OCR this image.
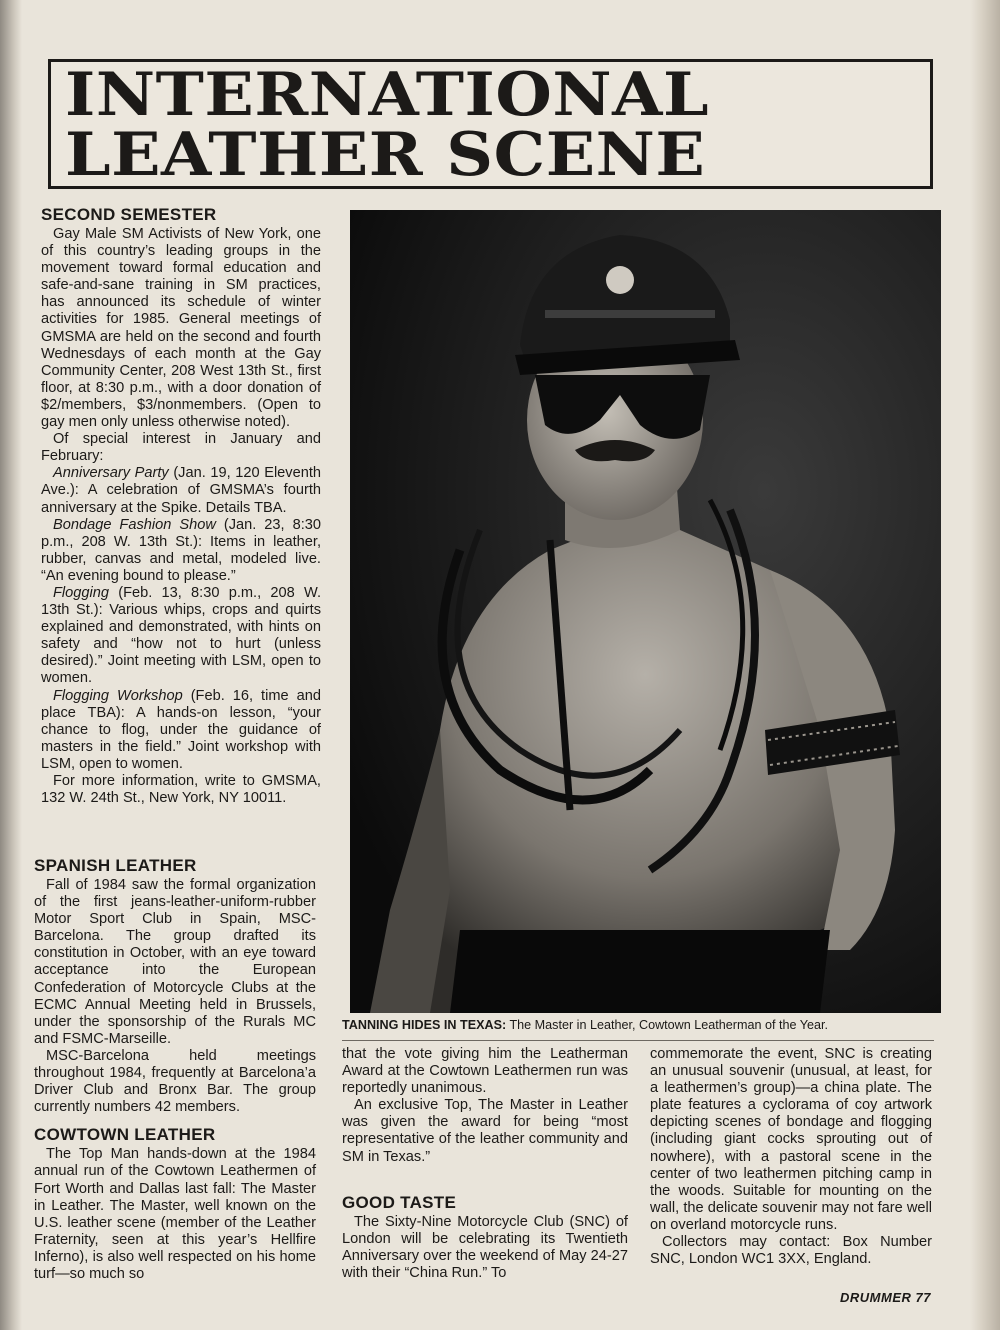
INTERNATIONAL
LEATHER SCENE
SECOND SEMESTER

Gay Male SM Activists of New York, one of this country’s leading groups in the movement toward formal education and safe-and-sane training in SM practices, has announced its schedule of winter activities for 1985. General meetings of GMSMA are held on the second and fourth Wednesdays of each month at the Gay Community Center, 208 West 13th St., first floor, at 8:30 p.m., with a door donation of $2/members, $3/nonmembers. (Open to gay men only unless otherwise noted).

Of special interest in January and February:

Anniversary Party (Jan. 19, 120 Eleventh Ave.): A celebration of GMSMA’s fourth anniversary at the Spike. Details TBA.

Bondage Fashion Show (Jan. 23, 8:30 p.m., 208 W. 13th St.): Items in leather, rubber, canvas and metal, modeled live. “An evening bound to please.”

Flogging (Feb. 13, 8:30 p.m., 208 W. 13th St.): Various whips, crops and quirts explained and demonstrated, with hints on safety and “how not to hurt (unless desired).” Joint meeting with LSM, open to women.

Flogging Workshop (Feb. 16, time and place TBA): A hands-on lesson, “your chance to flog, under the guidance of masters in the field.” Joint workshop with LSM, open to women.

For more information, write to GMSMA, 132 W. 24th St., New York, NY 10011.

SPANISH LEATHER

Fall of 1984 saw the formal organization of the first jeans-leather-uniform-rubber Motor Sport Club in Spain, MSC-Barcelona. The group drafted its constitution in October, with an eye toward acceptance into the European Confederation of Motorcycle Clubs at the ECMC Annual Meeting held in Brussels, under the sponsorship of the Rurals MC and FSMC-Marseille.

MSC-Barcelona held meetings throughout 1984, frequently at Barcelona’a Driver Club and Bronx Bar. The group currently numbers 42 members.

COWTOWN LEATHER

The Top Man hands-down at the 1984 annual run of the Cowtown Leathermen of Fort Worth and Dallas last fall: The Master in Leather. The Master, well known on the U.S. leather scene (member of the Leather Fraternity, seen at this year’s Hellfire Inferno), is also well respected on his home turf—so much so

TANNING HIDES IN TEXAS: The Master in Leather, Cowtown Leatherman of the Year.

that the vote giving him the Leatherman Award at the Cowtown Leathermen run was reportedly unanimous.

An exclusive Top, The Master in Leather was given the award for being “most representative of the leather community and SM in Texas.”

GOOD TASTE

The Sixty-Nine Motorcycle Club (SNC) of London will be celebrating its Twentieth Anniversary over the weekend of May 24-27 with their “China Run.” To

commemorate the event, SNC is creating an unusual souvenir (unusual, at least, for a leathermen’s group)—a china plate. The plate features a cyclorama of coy artwork depicting scenes of bondage and flogging (including giant cocks sprouting out of nowhere), with a pastoral scene in the center of two leathermen pitching camp in the woods. Suitable for mounting on the wall, the delicate souvenir may not fare well on overland motorcycle runs.

Collectors may contact: Box Number SNC, London WC1 3XX, England.

DRUMMER 77
